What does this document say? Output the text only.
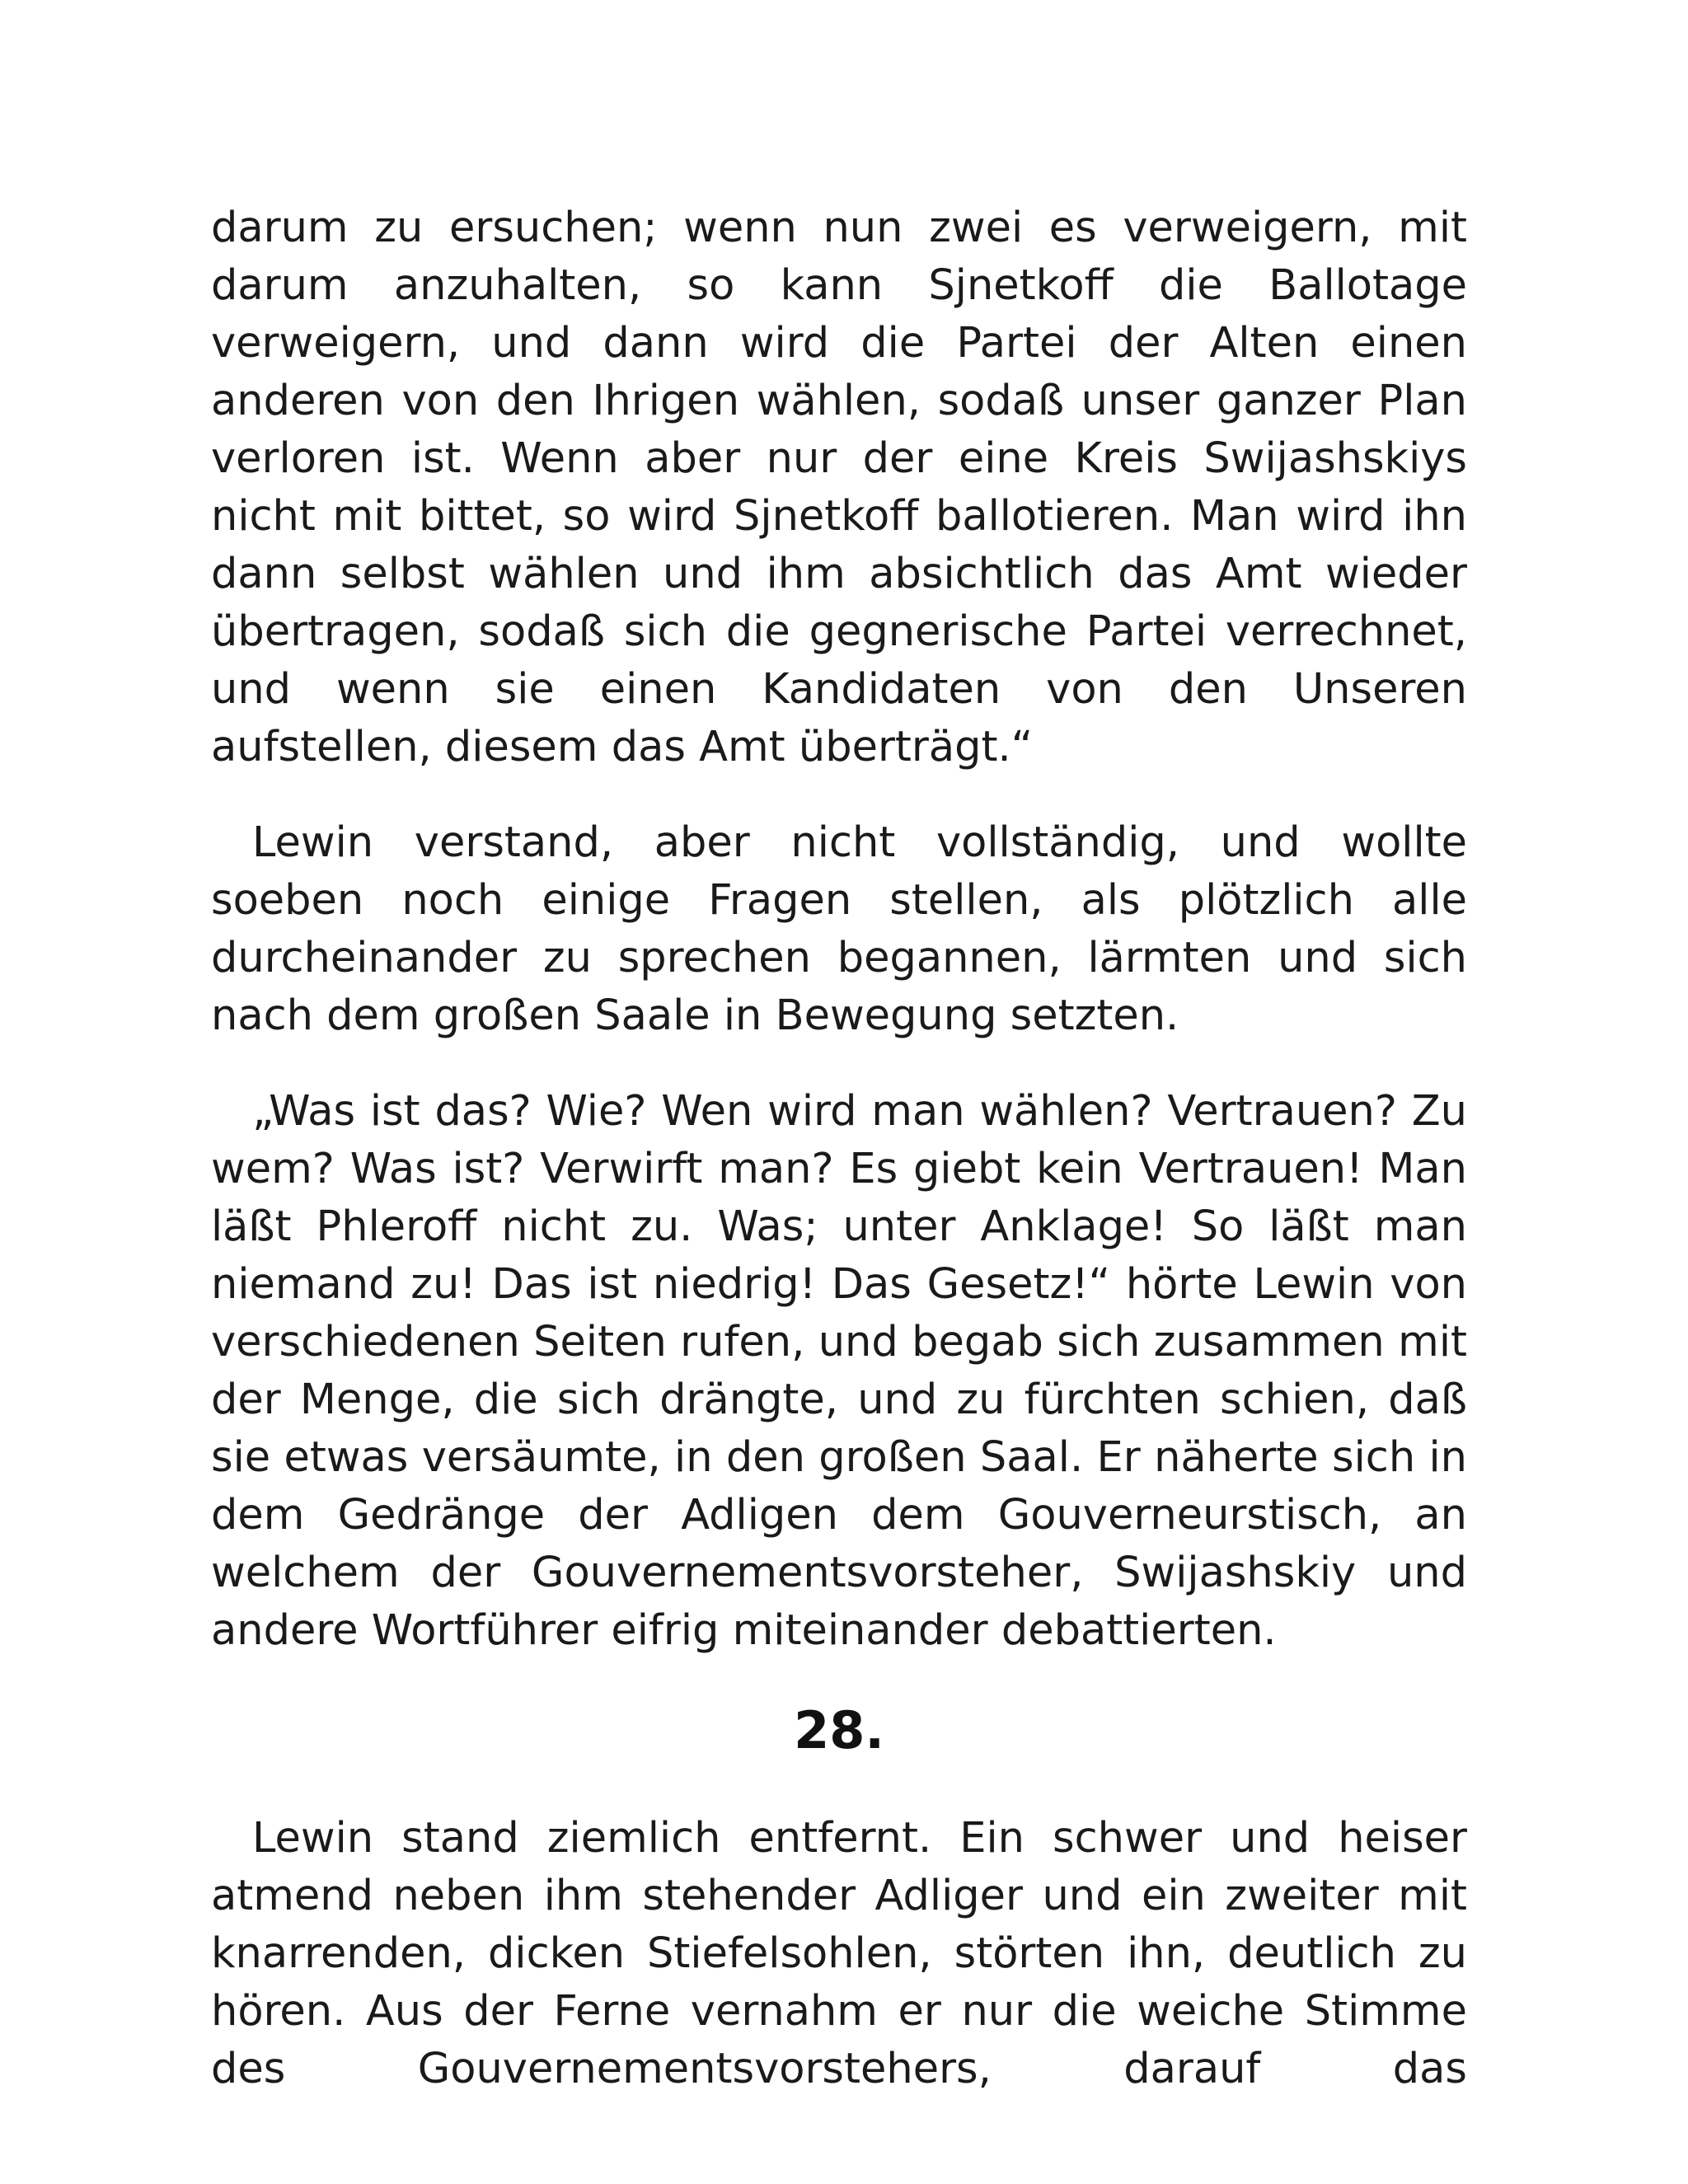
darum zu ersuchen; wenn nun zwei es verweigern, mit darum anzuhalten, so kann Sjnetkoff die Ballotage verweigern, und dann wird die Partei der Alten einen anderen von den Ihrigen wählen, sodaß unser ganzer Plan verloren ist. Wenn aber nur der eine Kreis Swijashskiys nicht mit bittet, so wird Sjnetkoff ballotieren. Man wird ihn dann selbst wählen und ihm absichtlich das Amt wieder übertragen, sodaß sich die gegnerische Partei verrechnet, und wenn sie einen Kandidaten von den Unseren aufstellen, diesem das Amt überträgt.“

Lewin verstand, aber nicht vollständig, und wollte soeben noch einige Fragen stellen, als plötzlich alle durcheinander zu sprechen begannen, lärmten und sich nach dem großen Saale in Bewegung setzten.

„Was ist das? Wie? Wen wird man wählen? Vertrauen? Zu wem? Was ist? Verwirft man? Es giebt kein Vertrauen! Man läßt Phleroff nicht zu. Was; unter Anklage! So läßt man niemand zu! Das ist niedrig! Das Gesetz!“ hörte Lewin von verschiedenen Seiten rufen, und begab sich zusammen mit der Menge, die sich drängte, und zu fürchten schien, daß sie etwas versäumte, in den großen Saal. Er näherte sich in dem Gedränge der Adligen dem Gouverneurstisch, an welchem der Gouvernementsvorsteher, Swijashskiy und andere Wortführer eifrig miteinander debattierten.

28.

Lewin stand ziemlich entfernt. Ein schwer und heiser atmend neben ihm stehender Adliger und ein zweiter mit knarrenden, dicken Stiefelsohlen, störten ihn, deutlich zu hören. Aus der Ferne vernahm er nur die weiche Stimme des Gouvernementsvorstehers, darauf das
